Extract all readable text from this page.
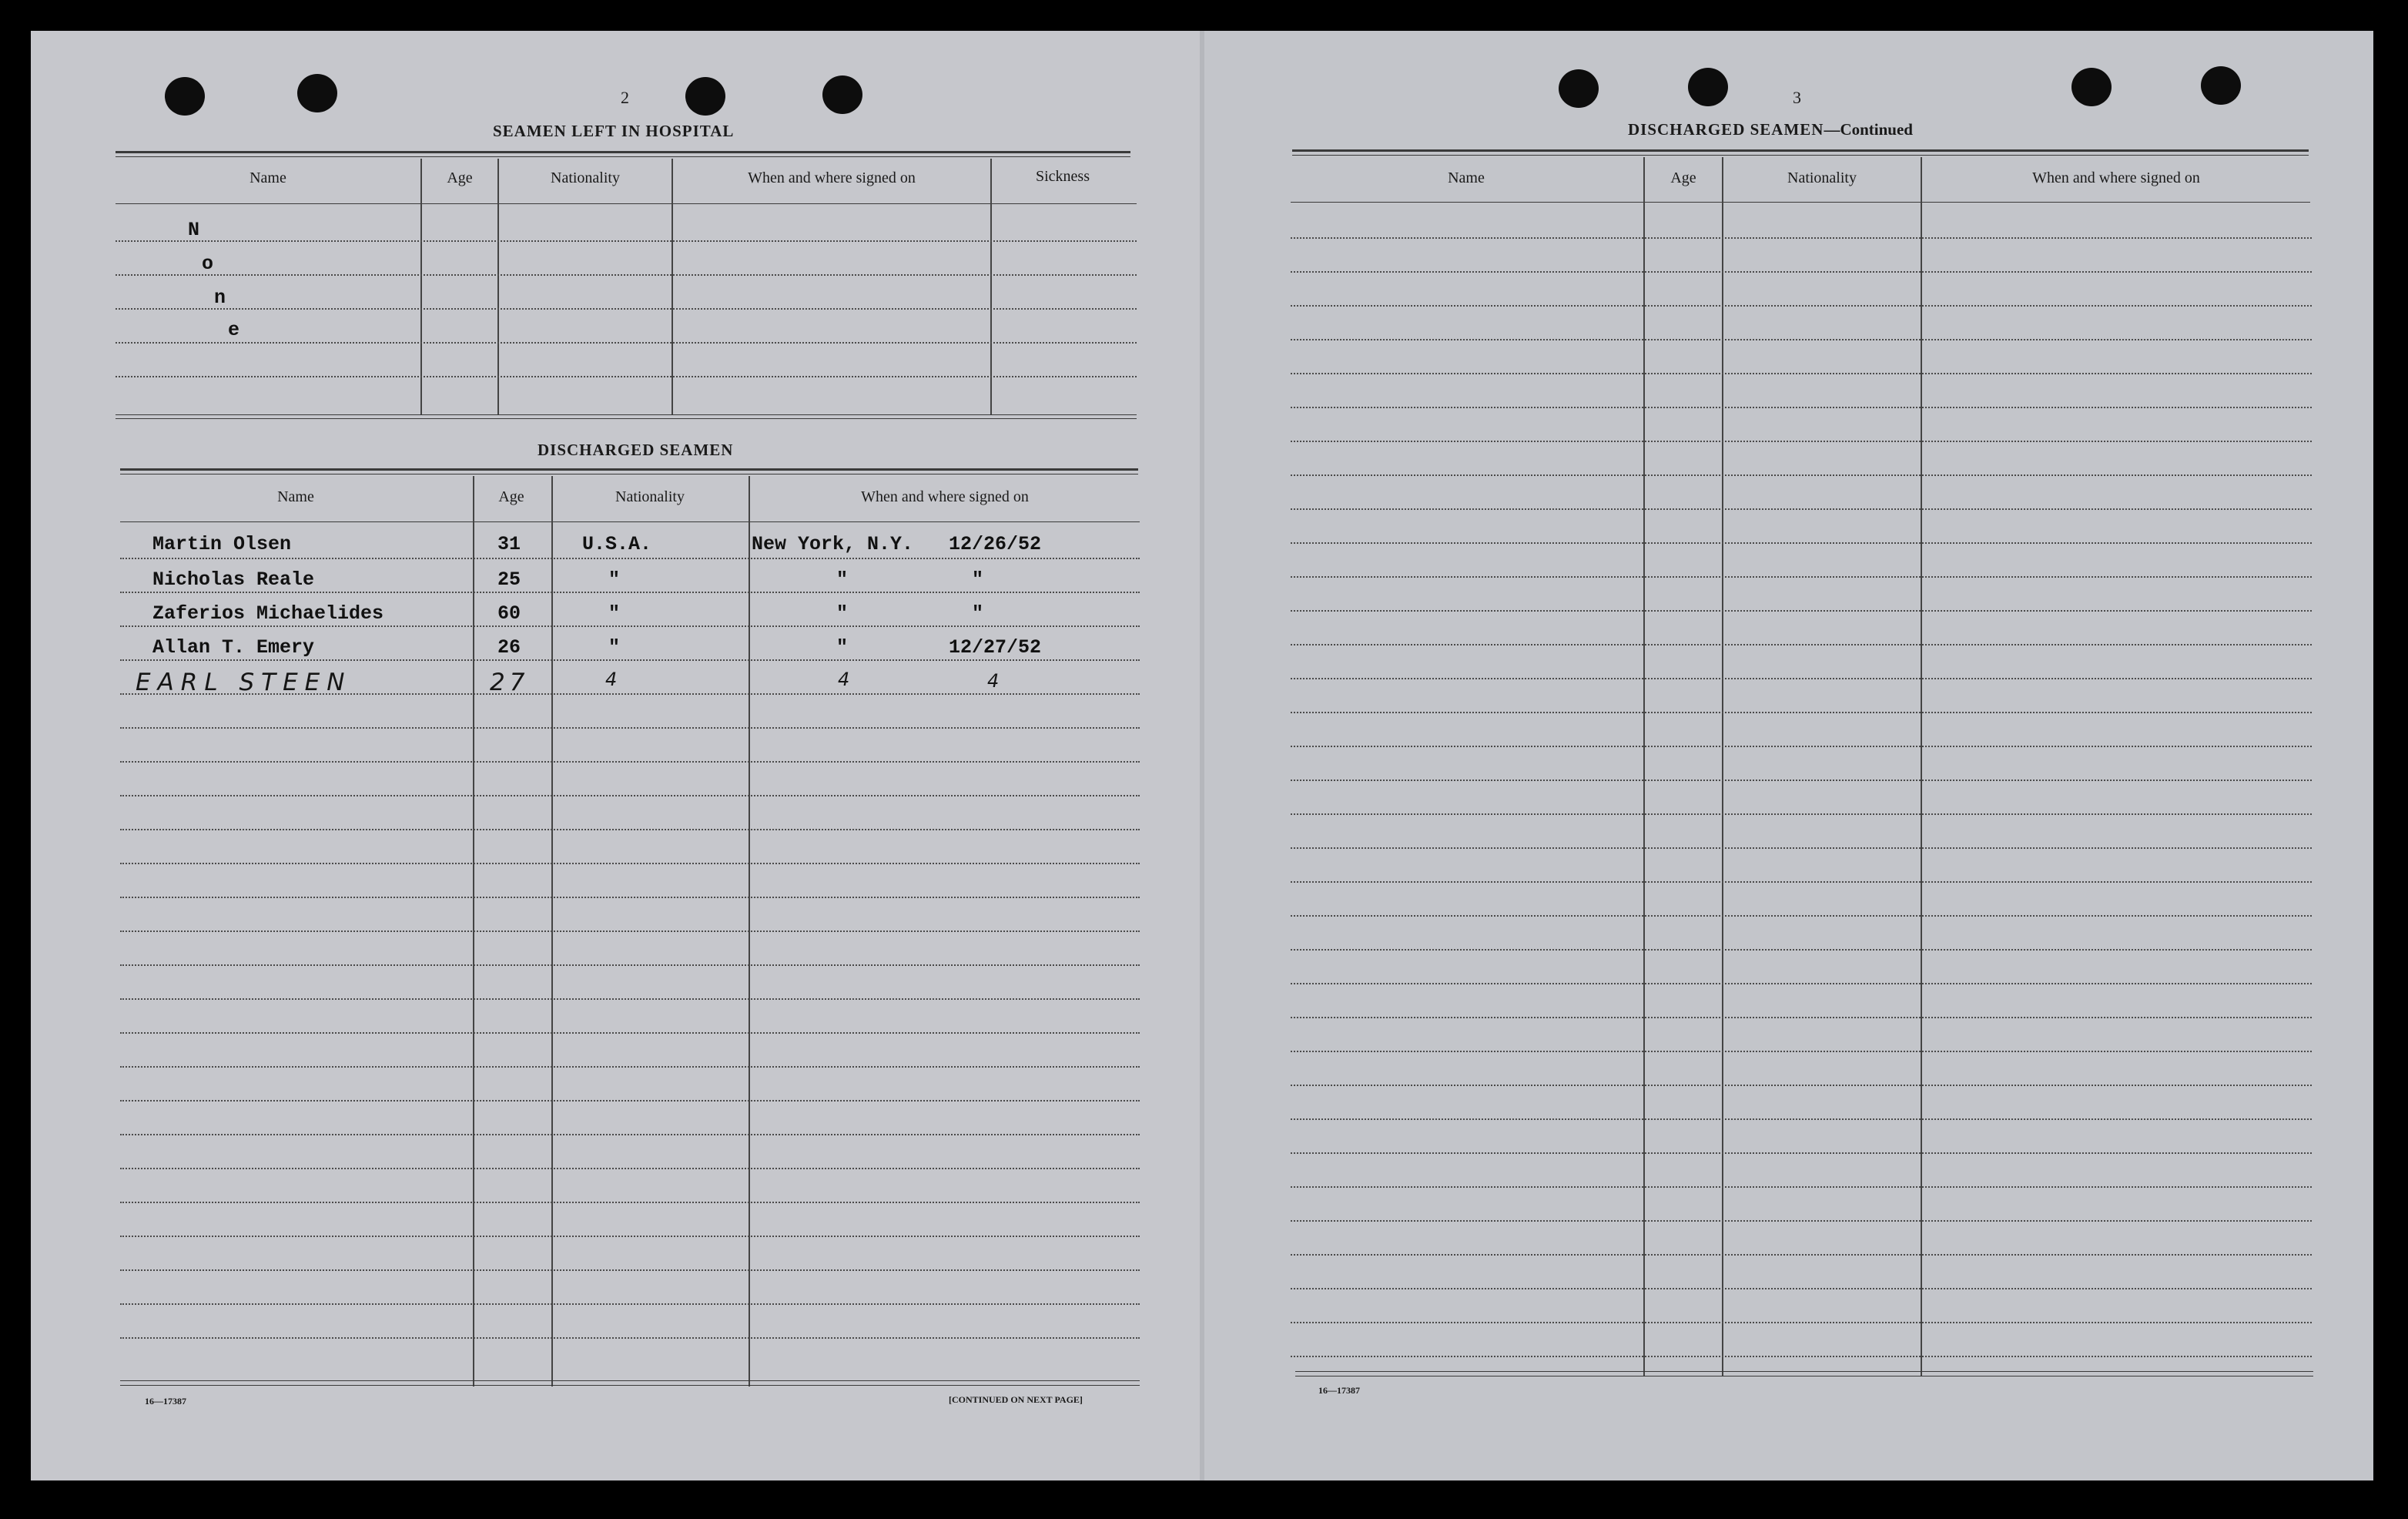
2
SEAMEN LEFT IN HOSPITAL
Name	Age	Nationality	When and where signed on	Sickness
N
o
n
e
DISCHARGED SEAMEN
Name	Age	Nationality	When and where signed on
Martin Olsen	31	U.S.A.	New York, N.Y. 12/26/52
Nicholas Reale	25	"	"	"
Zaferios Michaelides	60	"	"	"
Allan T. Emery	26	"	"	12/27/52
EARL STEEN	27	4	4	4
16—17387	[CONTINUED ON NEXT PAGE]
3
DISCHARGED SEAMEN—Continued
Name	Age	Nationality	When and where signed on
16—17387
